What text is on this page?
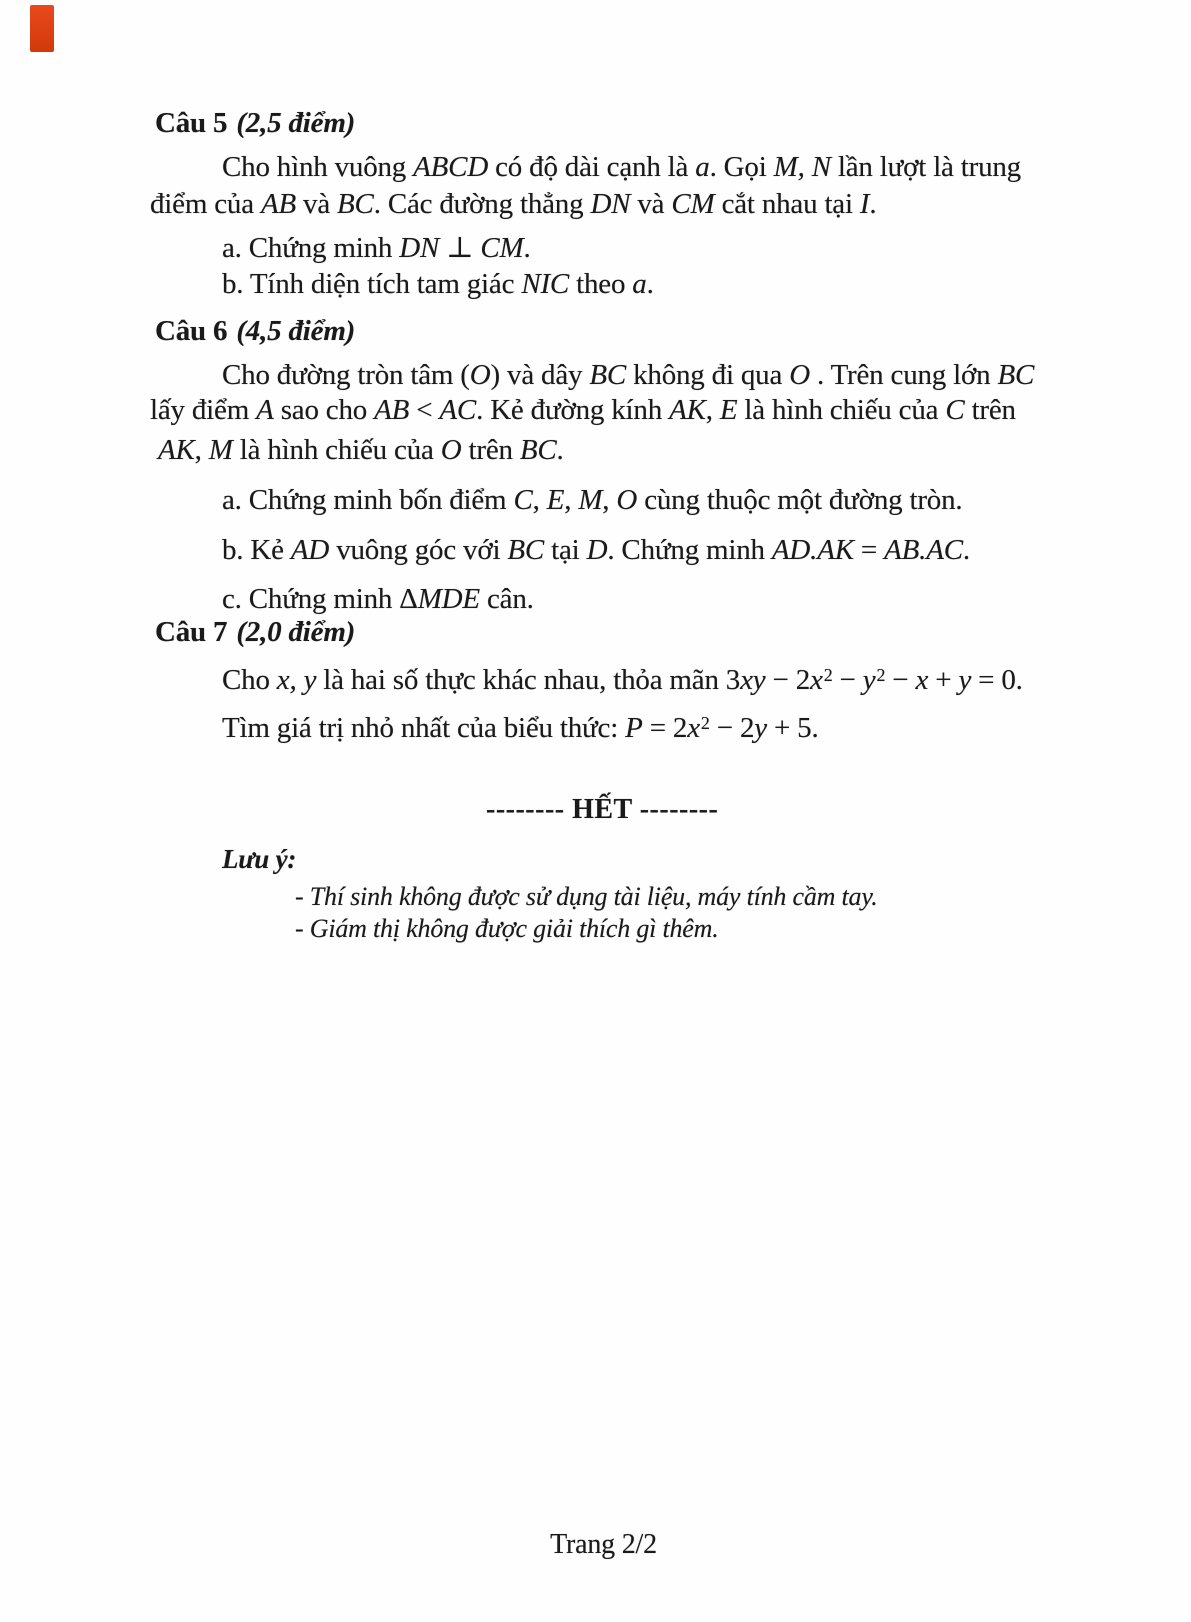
Câu 5 (2,5 điểm)
Cho hình vuông ABCD có độ dài cạnh là a. Gọi M, N lần lượt là trung
điểm của AB và BC. Các đường thẳng DN và CM cắt nhau tại I.
a. Chứng minh DN ⊥ CM.
b. Tính diện tích tam giác NIC theo a.
Câu 6 (4,5 điểm)
Cho đường tròn tâm (O) và dây BC không đi qua O . Trên cung lớn BC
lấy điểm A sao cho AB < AC. Kẻ đường kính AK, E là hình chiếu của C trên
AK, M là hình chiếu của O trên BC.
a. Chứng minh bốn điểm C, E, M, O cùng thuộc một đường tròn.
b. Kẻ AD vuông góc với BC tại D. Chứng minh AD.AK = AB.AC.
c. Chứng minh ΔMDE cân.
Câu 7 (2,0 điểm)
Cho x, y là hai số thực khác nhau, thỏa mãn $3xy - 2x^2 - y^2 - x + y = 0$.
Tìm giá trị nhỏ nhất của biểu thức: $P = 2x^2 - 2y + 5$.
-------- HẾT --------
Lưu ý:
- Thí sinh không được sử dụng tài liệu, máy tính cầm tay.
- Giám thị không được giải thích gì thêm.
Trang 2/2
